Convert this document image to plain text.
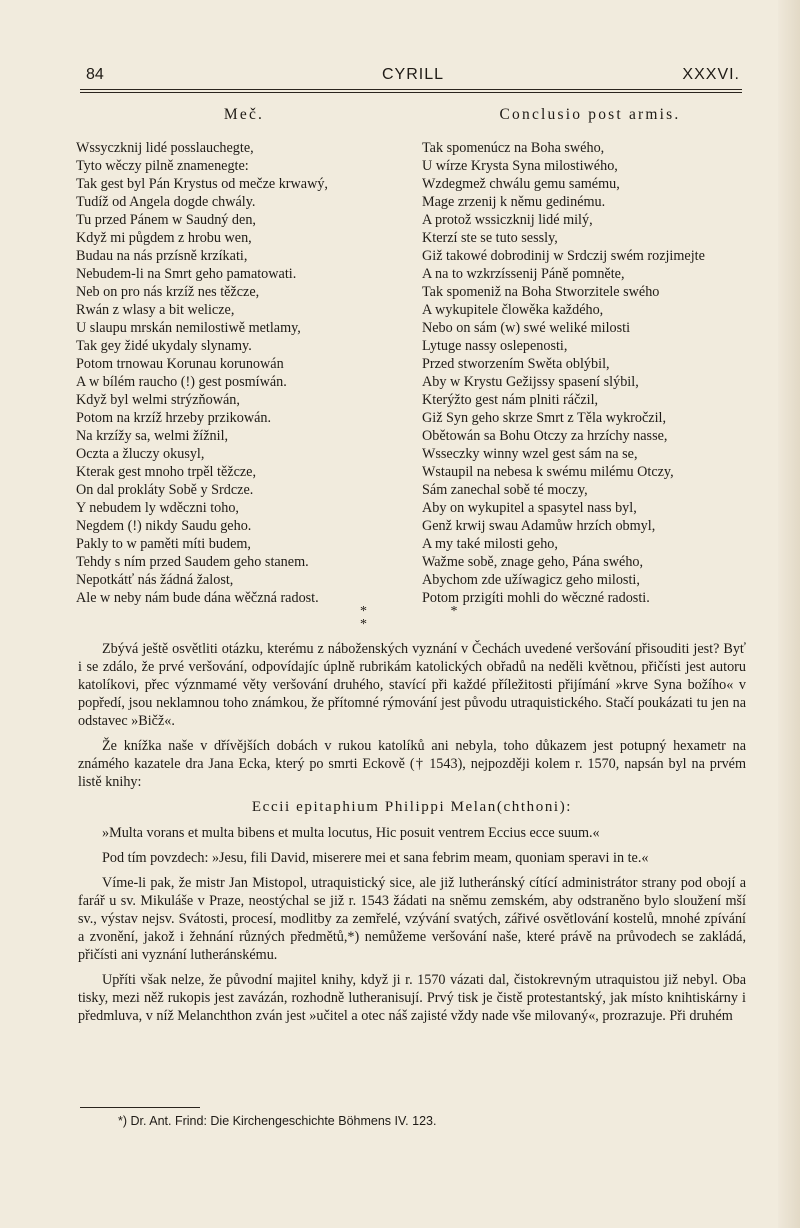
84	CYRILL	XXXVI.
Meč.
Wssyczknij lidé posslauchegte,
Tyto wěczy pilně znamenegte:
Tak gest byl Pán Krystus od mečze krwawý,
Tudíž od Angela dogde chwály.
Tu przed Pánem w Saudný den,
Když mi půgdem z hrobu wen,
Budau na nás przísně krzíkati,
Nebudem-li na Smrt geho pamatowati.
Neb on pro nás krzíž nes těžcze,
Rwán z wlasy a bit welicze,
U slaupu mrskán nemilostiwě metlamy,
Tak gey židé ukydaly slynamy.
Potom trnowau Korunau korunowán
A w bílém raucho (!) gest posmíwán.
Když byl welmi strýzňowán,
Potom na krzíž hrzeby przikowán.
Na krzížy sa, welmi žížnil,
Oczta a žluczy okusyl,
Kterak gest mnoho trpěl těžcze,
On dal prokláty Sobě y Srdcze.
Y nebudem ly wděczni toho,
Negdem (!) nikdy Saudu geho.
Pakly to w paměti míti budem,
Tehdy s ním przed Saudem geho stanem.
Nepotkátť nás žádná žalost,
Ale w neby nám bude dána wěčzná radost.
Conclusio post armis.
Tak spomenúcz na Boha swého,
U wírze Krysta Syna milostiwého,
Wzdegmež chwálu gemu samému,
Mage zrzenij k němu gedinému.
A protož wssiczknij lidé milý,
Kterzí ste se tuto sessly,
Giž takowé dobrodinij w Srdczij swém rozjimejte
A na to wzkrzíssenij Páně pomněte,
Tak spomeniž na Boha Stworzitele swého
A wykupitele člowěka každého,
Nebo on sám (w) swé weliké milosti
Lytuge nassy oslepenosti,
Przed stworzením Swěta oblýbil,
Aby w Krystu Gežijssy spasení slýbil,
Kterýžto gest nám plniti ráčzil,
Giž Syn geho skrze Smrt z Těla wykročzil,
Obětowán sa Bohu Otczy za hrzíchy nasse,
Wsseczky winny wzel gest sám na se,
Wstaupil na nebesa k swému milému Otczy,
Sám zanechal sobě té moczy,
Aby on wykupitel a spasytel nass byl,
Genž krwij swau Adamůw hrzích obmyl,
A my také milosti geho,
Wažme sobě, znage geho, Pána swého,
Abychom zde užíwagicz geho milosti,
Potom przigíti mohli do wěczné radosti.
* *
*

Zbývá ještě osvětliti otázku, kterému z náboženských vyznání v Čechách uvedené veršování přisouditi jest? Byť i se zdálo, že prvé veršování, odpovídajíc úplně rubrikám katolických obřadů na neděli květnou, přičísti jest autoru katolíkovi, přec význmamé věty veršování druhého, stavící při každé příležitosti přijímání »krve Syna božího« v popředí, jsou neklamnou toho známkou, že přítomné rýmování jest původu utraquistického. Stačí poukázati tu jen na odstavec »Bičž«.

Že knížka naše v dřívějších dobách v rukou katolíků ani nebyla, toho důkazem jest potupný hexametr na známého kazatele dra Jana Ecka, který po smrti Eckově († 1543), nejpozději kolem r. 1570, napsán byl na prvém listě knihy:

Eccii epitaphium Philippi Melan(chthoni):

»Multa vorans et multa bibens et multa locutus, Hic posuit ventrem Eccius ecce suum.«

Pod tím povzdech: »Jesu, fili David, miserere mei et sana febrim meam, quoniam speravi in te.«

Víme-li pak, že mistr Jan Mistopol, utraquistický sice, ale již lutheránský cítící administrátor strany pod obojí a farář u sv. Mikuláše v Praze, neostýchal se již r. 1543 žádati na sněmu zemském, aby odstraněno bylo sloužení mší sv., výstav nejsv. Svátosti, procesí, modlitby za zemřelé, vzývání svatých, zářivé osvětlování kostelů, mnohé zpívání a zvonění, jakož i žehnání různých předmětů,*) nemůžeme veršování naše, které právě na průvodech se zakládá, přičísti ani vyznání lutheránskému.

Upříti však nelze, že původní majitel knihy, když ji r. 1570 vázati dal, čistokrevným utraquistou již nebyl. Oba tisky, mezi něž rukopis jest zavázán, rozhodně lutheranisují. Prvý tisk je čistě protestantský, jak místo knihtiskárny i předmluva, v níž Melanchthon zván jest »učitel a otec náš zajisté vždy nade vše milovaný«, prozrazuje. Při druhém

*) Dr. Ant. Frind: Die Kirchengeschichte Böhmens IV. 123.
